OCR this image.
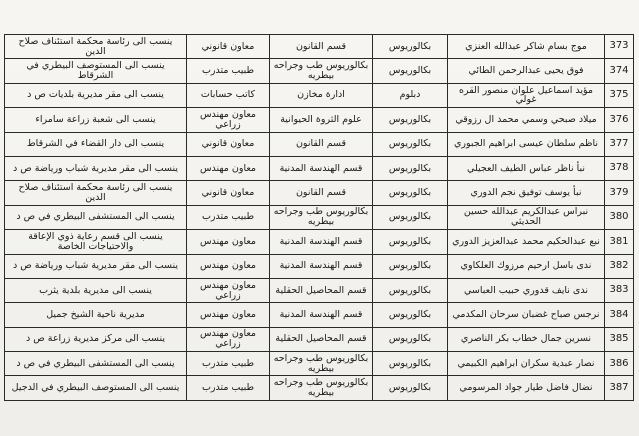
373	موج بسام شاكر عبدالله العنزي	بكالوريوس	قسم القانون	معاون قانوني	ينسب الى رئاسة محكمة استئناف صلاح الدين
374	فوق يحيى عبدالرحمن الطائي	بكالوريوس	بكالوريوس طب وجراحه بيطريه	طبيب متدرب	ينسب الى المستوصف البيطري في الشرقاط
375	مؤيد اسماعيل علوان منصور القره غولي	دبلوم	ادارة مخازن	كاتب حسابات	ينسب الى مقر مديرية بلديات ص د
376	ميلاد صبحي وسمي محمد ال رزوقي	بكالوريوس	علوم الثروة الحيوانية	معاون مهندس زراعي	ينسب الى شعبة زراعة سامراء
377	ناظم سلطان عيسى ابراهيم الجبوري	بكالوريوس	قسم القانون	معاون قانوني	ينسب الى دار القضاء في الشرقاط
378	نبأ ناظر عباس الطيف العجيلي	بكالوريوس	قسم الهندسة المدنية	معاون مهندس	ينسب الى مقر مديرية شباب ورياضة ص د
379	نبأ يوسف توفيق نجم الدوري	بكالوريوس	قسم القانون	معاون قانوني	ينسب الى رئاسة محكمة استئناف صلاح الدين
380	نبراس عبدالكريم عبدالله حسين الحديثي	بكالوريوس	بكالوريوس طب وجراحه بيطريه	طبيب متدرب	ينسب الى المستشفى البيطري في ص د
381	نبع عبدالحكيم محمد عبدالعزيز الدوري	بكالوريوس	قسم الهندسة المدنية	معاون مهندس	ينسب الى قسم رعاية ذوي الإعاقة والاحتياجات الخاصة
382	ندى باسل ارحيم مرزوك العلكاوي	بكالوريوس	قسم الهندسة المدنية	معاون مهندس	ينسب الى مقر مديرية شباب ورياضة ص د
383	ندى نايف قدوري حبيب العباسي	بكالوريوس	قسم المحاصيل الحقلية	معاون مهندس زراعي	ينسب الى مديرية بلدية يثرب
384	نرجس صباح غضبان سرحان المكدمي	بكالوريوس	قسم الهندسة المدنية	معاون مهندس	مديرية ناحية الشيخ جميل
385	نسرين جمال خطاب بكر الناصري	بكالوريوس	قسم المحاصيل الحقلية	معاون مهندس زراعي	ينسب الى مركز مديرية زراعة ص د
386	نصار عبدية سكران ابراهيم الكبيمي	بكالوريوس	بكالوريوس طب وجراحه بيطريه	طبيب متدرب	ينسب الى المستشفى البيطري في ص د
387	نضال فاضل طيار جواد المرسومي	بكالوريوس	بكالوريوس طب وجراحه بيطريه	طبيب متدرب	ينسب الى المستوصف البيطري في الدجيل
